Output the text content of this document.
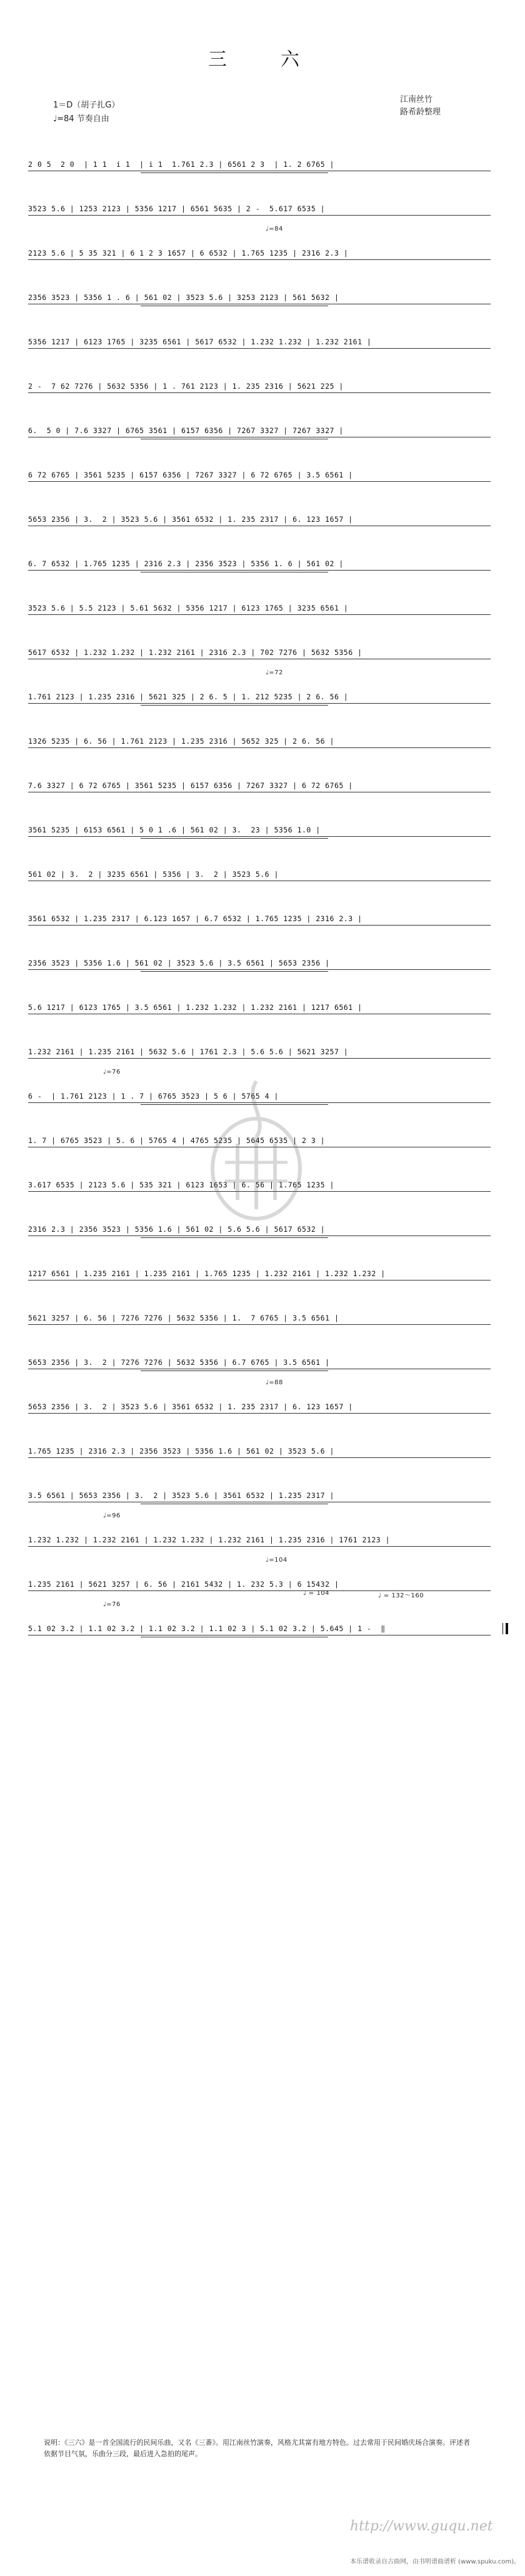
三　六
江南丝竹
路希龄整理
1＝D（胡子扎G）
♩=84 节奏自由
2 0 5  2 0  | 1 1  i 1  | i 1  1.761 2.3 | 6561 2 3  | 1. 2 6765 |
3523 5.6 | 1253 2123 | 5356 1217 | 6561 5635 | 2 -  5.617 6535 |
♩=84
2123 5.6 | 5 35 321 | 6 1 2 3 1657 | 6 6532 | 1.765 1235 | 2316 2.3 |
2356 3523 | 5356 1 . 6 | 561 02 | 3523 5.6 | 3253 2123 | 561 5632 |
5356 1217 | 6123 1765 | 3235 6561 | 5617 6532 | 1.232 1.232 | 1.232 2161 |
2 -  7 62 7276 | 5632 5356 | 1 . 761 2123 | 1. 235 2316 | 5621 225 |
6.  5 0 | 7.6 3327 | 6765 3561 | 6157 6356 | 7267 3327 | 7267 3327 |
6 72 6765 | 3561 5235 | 6157 6356 | 7267 3327 | 6 72 6765 | 3.5 6561 |
5653 2356 | 3.  2 | 3523 5.6 | 3561 6532 | 1. 235 2317 | 6. 123 1657 |
6. 7 6532 | 1.765 1235 | 2316 2.3 | 2356 3523 | 5356 1. 6 | 561 02 |
3523 5.6 | 5.5 2123 | 5.61 5632 | 5356 1217 | 6123 1765 | 3235 6561 |
5617 6532 | 1.232 1.232 | 1.232 2161 | 2316 2.3 | 702 7276 | 5632 5356 |
♩=72
1.761 2123 | 1.235 2316 | 5621 325 | 2 6. 5 | 1. 212 5235 | 2 6. 56 |
1326 5235 | 6. 56 | 1.761 2123 | 1.235 2316 | 5652 325 | 2 6. 56 |
7.6 3327 | 6 72 6765 | 3561 5235 | 6157 6356 | 7267 3327 | 6 72 6765 |
3561 5235 | 6153 6561 | 5 0 1 .6 | 561 02 | 3.  23 | 5356 1.0 |
561 02 | 3.  2 | 3235 6561 | 5356 | 3.  2 | 3523 5.6 |
3561 6532 | 1.235 2317 | 6.123 1657 | 6.7 6532 | 1.765 1235 | 2316 2.3 |
2356 3523 | 5356 1.6 | 561 02 | 3523 5.6 | 3.5 6561 | 5653 2356 |
5.6 1217 | 6123 1765 | 3.5 6561 | 1.232 1.232 | 1.232 2161 | 1217 6561 |
1.232 2161 | 1.235 2161 | 5632 5.6 | 1761 2.3 | 5.6 5.6 | 5621 3257 |
♩=76
6 -  | 1.761 2123 | 1 . 7 | 6765 3523 | 5 6 | 5765 4 |
1. 7 | 6765 3523 | 5. 6 | 5765 4 | 4765 5235 | 5645 6535 | 2 3 |
3.617 6535 | 2123 5.6 | 535 321 | 6123 1653 | 6. 56 | 1.765 1235 |
2316 2.3 | 2356 3523 | 5356 1.6 | 561 02 | 5.6 5.6 | 5617 6532 |
1217 6561 | 1.235 2161 | 1.235 2161 | 1.765 1235 | 1.232 2161 | 1.232 1.232 |
5621 3257 | 6. 56 | 7276 7276 | 5632 5356 | 1.  7 6765 | 3.5 6561 |
5653 2356 | 3.  2 | 7276 7276 | 5632 5356 | 6.7 6765 | 3.5 6561 |
♩=88
5653 2356 | 3.  2 | 3523 5.6 | 3561 6532 | 1. 235 2317 | 6. 123 1657 |
1.765 1235 | 2316 2.3 | 2356 3523 | 5356 1.6 | 561 02 | 3523 5.6 |
3.5 6561 | 5653 2356 | 3.  2 | 3523 5.6 | 3561 6532 | 1.235 2317 |
♩=96
1.232 1.232 | 1.232 2161 | 1.232 1.232 | 1.232 2161 | 1.235 2316 | 1761 2123 |
♩=104
1.235 2161 | 5621 3257 | 6. 56 | 2161 5432 | 1. 232 5.3 | 6 15432 |
♩=76
5.1 02 3.2 | 1.1 02 3.2 | 1.1 02 3.2 | 1.1 02 3 | 5.1 02 3.2 | 5.645 | 1 -  ‖
♩ = 132～160
♩ = 104
说明：《三六》是一首全国流行的民间乐曲，又名《三番》。用江南丝竹演奏，风格尤其富有地方特色。过去常用于民间婚庆场合演奏。评述者依据节目气氛，乐曲分三段，最后进入急拍的尾声。
http://www.guqu.net
本乐谱收录自古曲网，由书明谱曲谱析 (www.spuku.com)。
